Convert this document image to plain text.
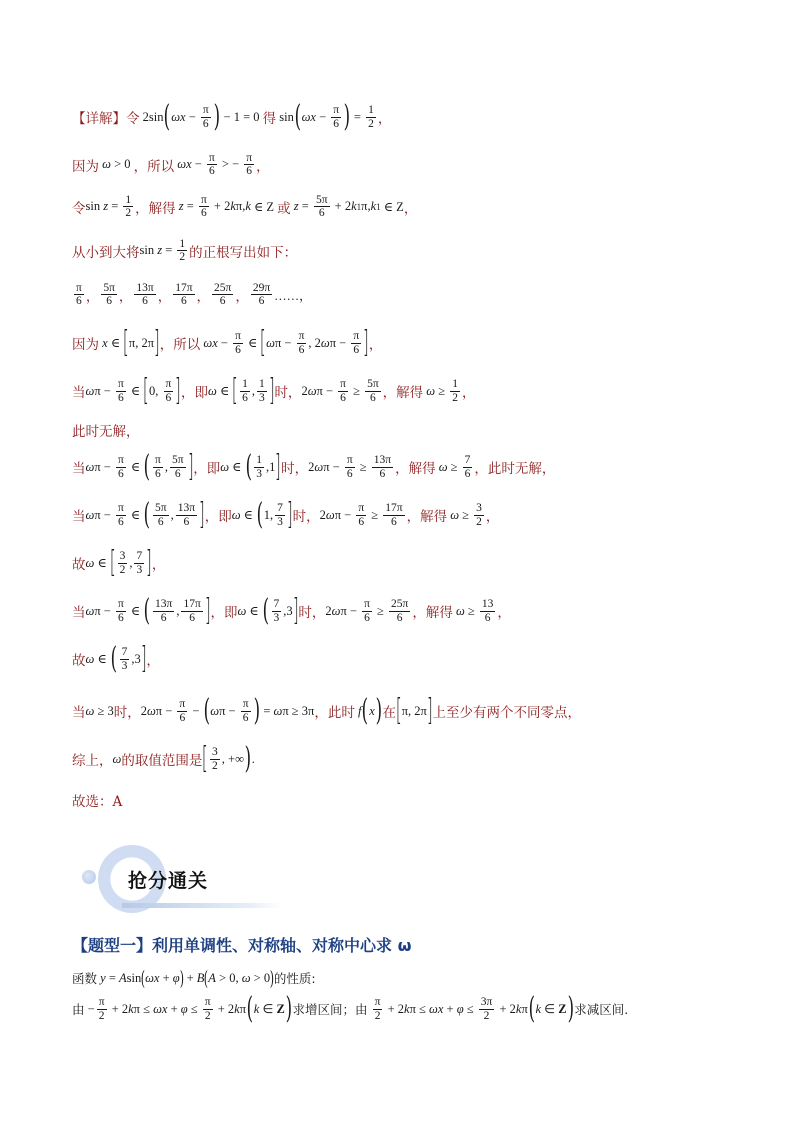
【详解】 令 2sin ( $\omega x - \frac{\pi}{6}$ ) − 1 = 0 得 sin ( $\omega x - \frac{\pi}{6}$ ) = $\frac{1}{2}$ ，
因为 ω > 0 ，所以 $\omega x - \frac{\pi}{6}$ > − $\frac{\pi}{6}$ ，
令 $\sin z = \frac{1}{2}$ ，解得 $z = \frac{\pi}{6} + 2$ k π, k ∈ Z 或 $z = \frac{5\pi}{6} + 2$ k 1 π, k 1 ∈ Z ，
从小到大将 $\sin z = \frac{1}{2}$ 的正根写出如下：
$\frac{\pi}{6}$ ， $\frac{5\pi}{6}$ ， $\frac{13\pi}{6}$ ， $\frac{17\pi}{6}$ ， $\frac{25\pi}{6}$ ， $\frac{29\pi}{6}$ ……，
因为 x ∈ [ π, 2π ] ，所以 $\omega x - \frac{\pi}{6}$ ∈ [ ω $\pi - \frac{\pi}{6}$ , 2 ω $\pi - \frac{\pi}{6}$ ] ，
当 ω $\pi - \frac{\pi}{6}$ ∈ [ 0, $\frac{\pi}{6}$ ] ，即 ω ∈ [ $\frac{1}{6}$ , $\frac{1}{3}$ ] 时， 2 ω $\pi - \frac{\pi}{6} \ge \frac{5\pi}{6}$ ，解得 $\omega \ge \frac{1}{2}$ ，
此时无解，
当 ω $\pi - \frac{\pi}{6}$ ∈ ( $\frac{\pi}{6}$ , $\frac{5\pi}{6}$ ] ，即 ω ∈ ( $\frac{1}{3} ,1$ ] 时， 2 ω $\pi - \frac{\pi}{6} \ge \frac{13\pi}{6}$ ，解得 $\omega \ge \frac{7}{6}$ ，此时无解，
当 ω $\pi - \frac{\pi}{6}$ ∈ ( $\frac{5\pi}{6}$ , $\frac{13\pi}{6}$ ] ，即 ω ∈ ( 1, $\frac{7}{3}$ ] 时， 2 ω $\pi - \frac{\pi}{6} \ge \frac{17\pi}{6}$ ，解得 $\omega \ge \frac{3}{2}$ ，
故 ω ∈ [ $\frac{3}{2}$ , $\frac{7}{3}$ ] ，
当 ω $\pi - \frac{\pi}{6}$ ∈ ( $\frac{13\pi}{6}$ , $\frac{17\pi}{6}$ ] ，即 ω ∈ ( $\frac{7}{3} ,3$ ] 时， 2 ω $\pi - \frac{\pi}{6} \ge \frac{25\pi}{6}$ ，解得 $\omega \ge \frac{13}{6}$ ，
故 ω ∈ ( $\frac{7}{3} ,3$ ] ，
当 ω ≥ 3 时， 2 ω $\pi - \frac{\pi}{6}$ − ( ω $\pi - \frac{\pi}{6}$ ) = ω π ≥ 3π ，此时 f ( x ) 在 [ π, 2π ] 上至少有两个不同零点，
综上， ω 的取值范围是 [ $\frac{3}{2}$ , +∞ ) .
故选：A
抢分通关
【题型一】利用单调性、对称轴、对称中心求 ω
函数 y = A sin ( ωx + φ ) + B ( A > 0, ω > 0 ) 的性质:
由 − $\frac{\pi}{2} + 2$ k $\pi \le \omega x + \varphi \le \frac{\pi}{2} + 2$ k π ( k ∈ Z ) 求增区间；由
$\frac{\pi}{2} + 2$ k $\pi \le \omega x + \varphi \le \frac{3\pi}{2} + 2$ k π ( k ∈ Z ) 求减区间.
